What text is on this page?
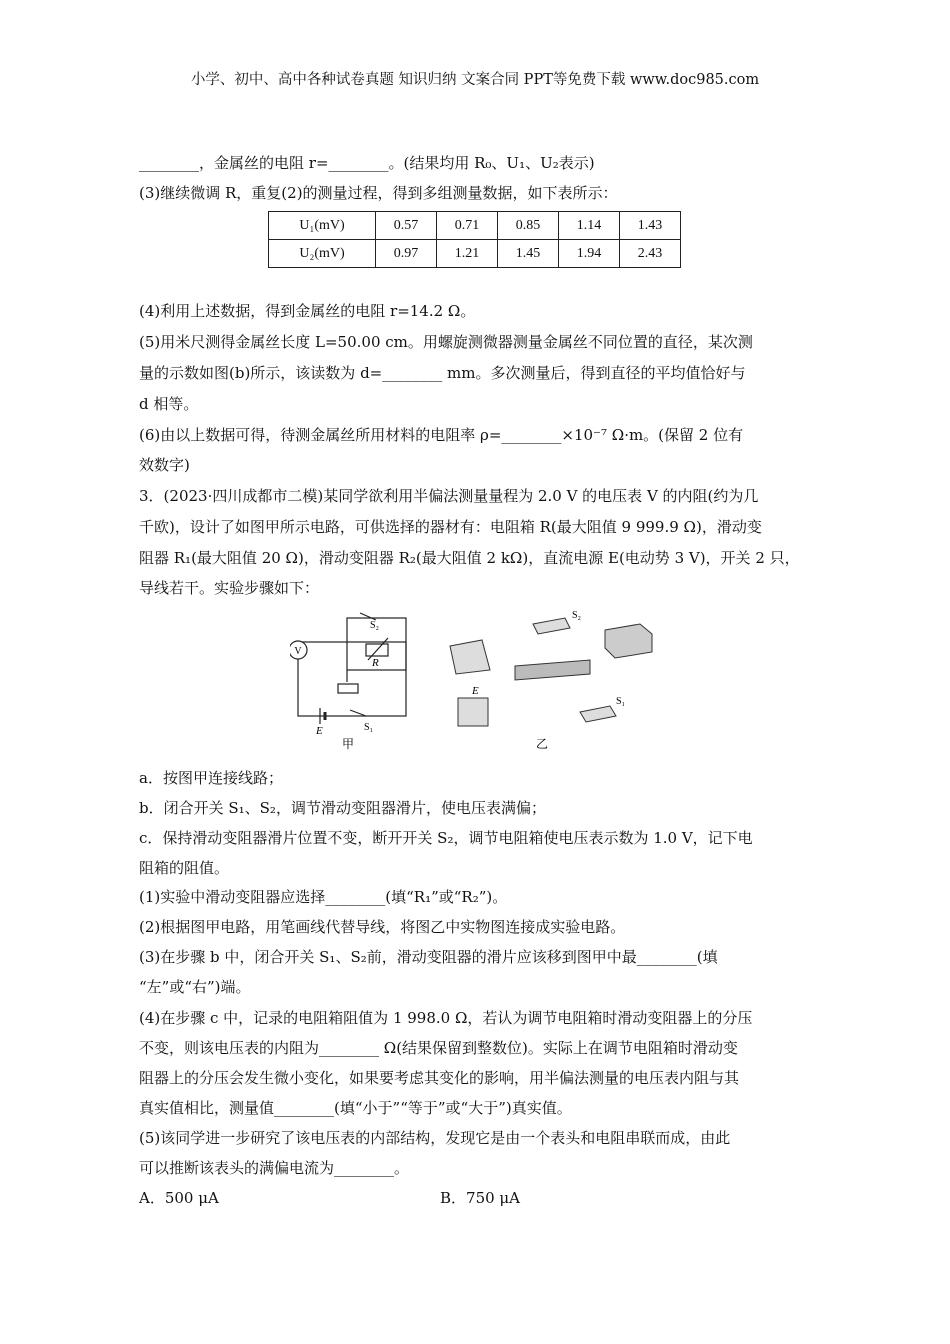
小学、初中、高中各种试卷真题 知识归纳 文案合同 PPT等免费下载 www.doc985.com
________，金属丝的电阻 r=________。(结果均用 R₀、U₁、U₂表示)
(3)继续微调 R，重复(2)的测量过程，得到多组测量数据，如下表所示：
U₁(mV)	0.57	0.71	0.85	1.14	1.43
U₂(mV)	0.97	1.21	1.45	1.94	2.43
(4)利用上述数据，得到金属丝的电阻 r=14.2 Ω。
(5)用米尺测得金属丝长度 L=50.00 cm。用螺旋测微器测量金属丝不同位置的直径，某次测
量的示数如图(b)所示，该读数为 d=________ mm。多次测量后，得到直径的平均值恰好与
d 相等。
(6)由以上数据可得，待测金属丝所用材料的电阻率 ρ=________×10⁻⁷ Ω·m。(保留 2 位有
效数字)
3．(2023·四川成都市二模)某同学欲利用半偏法测量量程为 2.0 V 的电压表 V 的内阻(约为几
千欧)，设计了如图甲所示电路，可供选择的器材有：电阻箱 R(最大阻值 9 999.9 Ω)，滑动变
阻器 R₁(最大阻值 20 Ω)，滑动变阻器 R₂(最大阻值 2 kΩ)，直流电源 E(电动势 3 V)，开关 2 只，
导线若干。实验步骤如下：
V
S₂
R
E	S₁
甲
S₂
E
S₁
乙
a．按图甲连接线路；
b．闭合开关 S₁、S₂，调节滑动变阻器滑片，使电压表满偏；
c．保持滑动变阻器滑片位置不变，断开开关 S₂，调节电阻箱使电压表示数为 1.0 V，记下电
阻箱的阻值。
(1)实验中滑动变阻器应选择________(填“R₁”或“R₂”)。
(2)根据图甲电路，用笔画线代替导线，将图乙中实物图连接成实验电路。
(3)在步骤 b 中，闭合开关 S₁、S₂前，滑动变阻器的滑片应该移到图甲中最________(填
“左”或“右”)端。
(4)在步骤 c 中，记录的电阻箱阻值为 1 998.0 Ω，若认为调节电阻箱时滑动变阻器上的分压
不变，则该电压表的内阻为________ Ω(结果保留到整数位)。实际上在调节电阻箱时滑动变
阻器上的分压会发生微小变化，如果要考虑其变化的影响，用半偏法测量的电压表内阻与其
真实值相比，测量值________(填“小于”“等于”或“大于”)真实值。
(5)该同学进一步研究了该电压表的内部结构，发现它是由一个表头和电阻串联而成，由此
可以推断该表头的满偏电流为________。
A．500 μA	B．750 μA
